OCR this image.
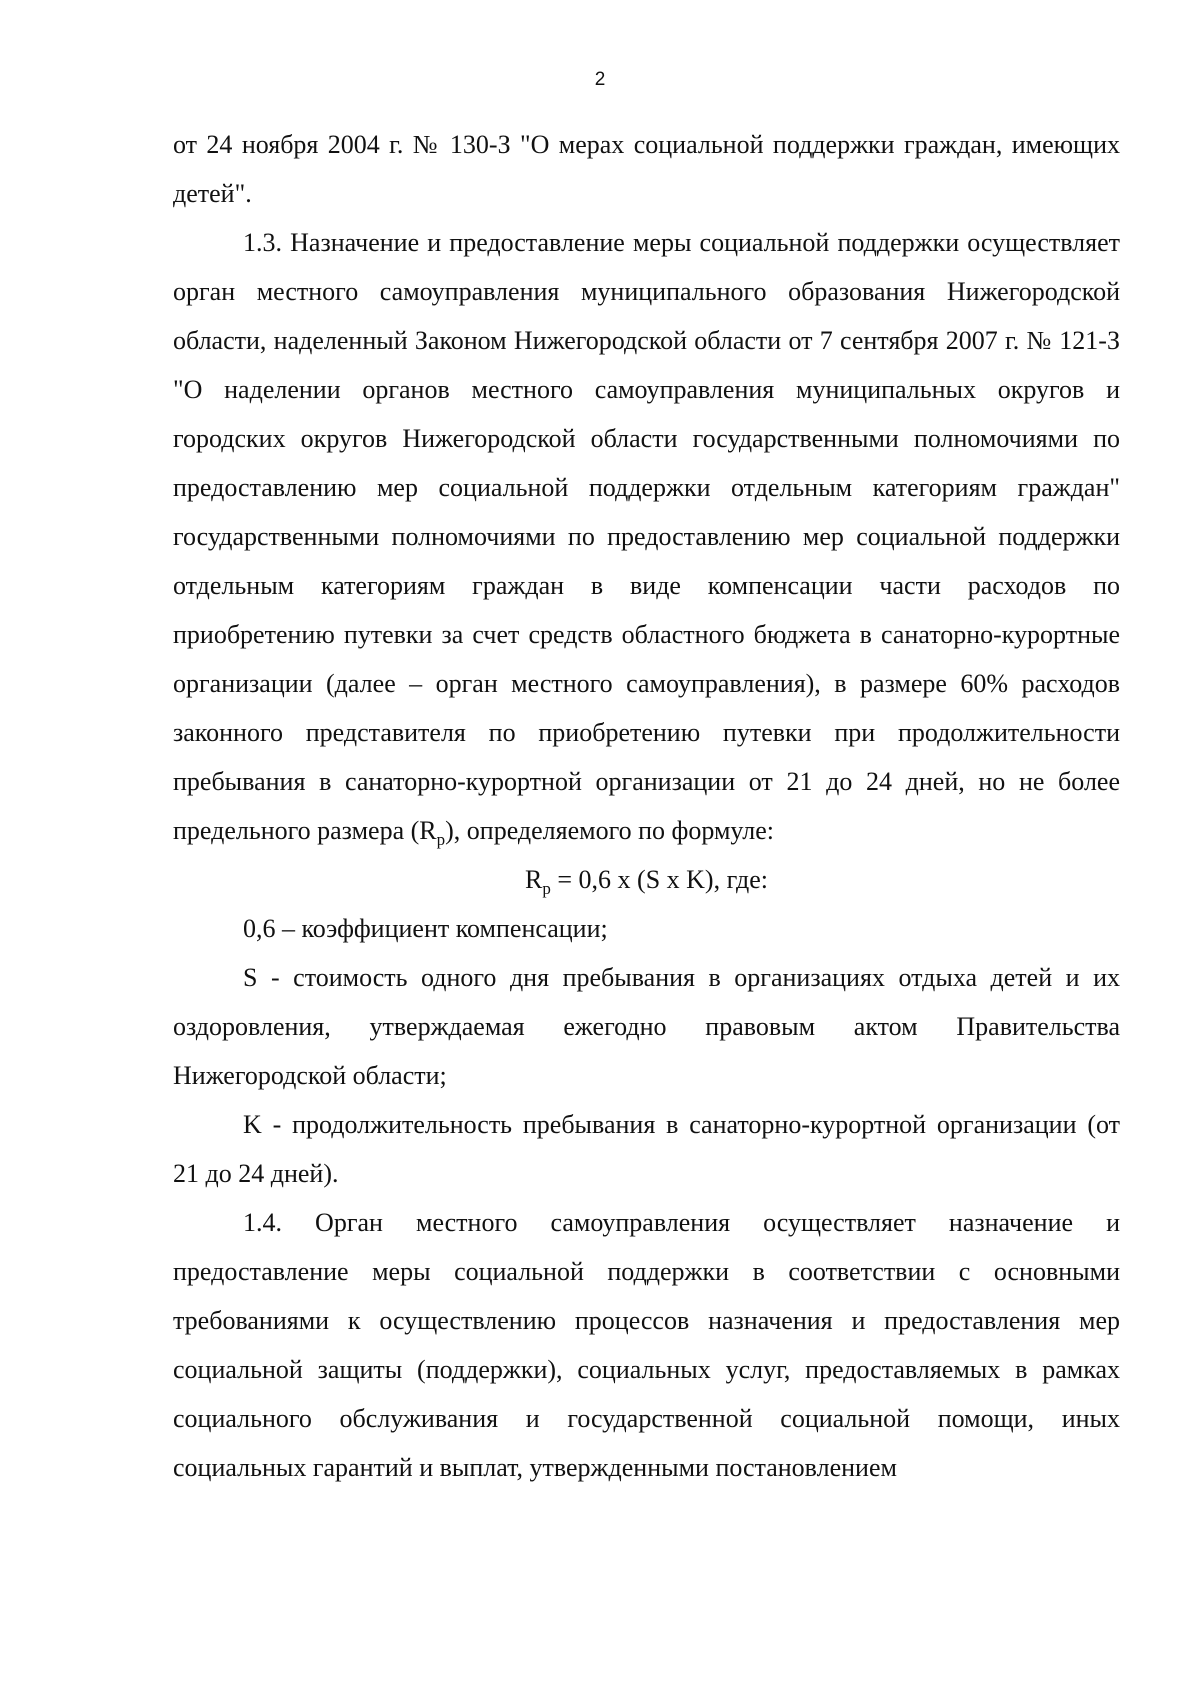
2

от 24 ноября 2004 г. № 130-З "О мерах социальной поддержки граждан, имеющих детей".

1.3. Назначение и предоставление меры социальной поддержки осуществляет орган местного самоуправления муниципального образования Нижегородской области, наделенный Законом Нижегородской области от 7 сентября 2007 г. № 121-З "О наделении органов местного самоуправления муниципальных округов и городских округов Нижегородской области государственными полномочиями по предоставлению мер социальной поддержки отдельным категориям граждан" государственными полномочиями по предоставлению мер социальной поддержки отдельным категориям граждан в виде компенсации части расходов по приобретению путевки за счет средств областного бюджета в санаторно-курортные организации (далее – орган местного самоуправления), в размере 60% расходов законного представителя по приобретению путевки при продолжительности пребывания в санаторно-курортной организации от 21 до 24 дней, но не более предельного размера $(R_p)$, определяемого по формуле:

$R_p = 0,6$ х (S х K), где:

0,6 – коэффициент компенсации;

S - стоимость одного дня пребывания в организациях отдыха детей и их оздоровления, утверждаемая ежегодно правовым актом Правительства Нижегородской области;

K - продолжительность пребывания в санаторно-курортной организации (от 21 до 24 дней).

1.4. Орган местного самоуправления осуществляет назначение и предоставление меры социальной поддержки в соответствии с основными требованиями к осуществлению процессов назначения и предоставления мер социальной защиты (поддержки), социальных услуг, предоставляемых в рамках социального обслуживания и государственной социальной помощи, иных социальных гарантий и выплат, утвержденными постановлением
